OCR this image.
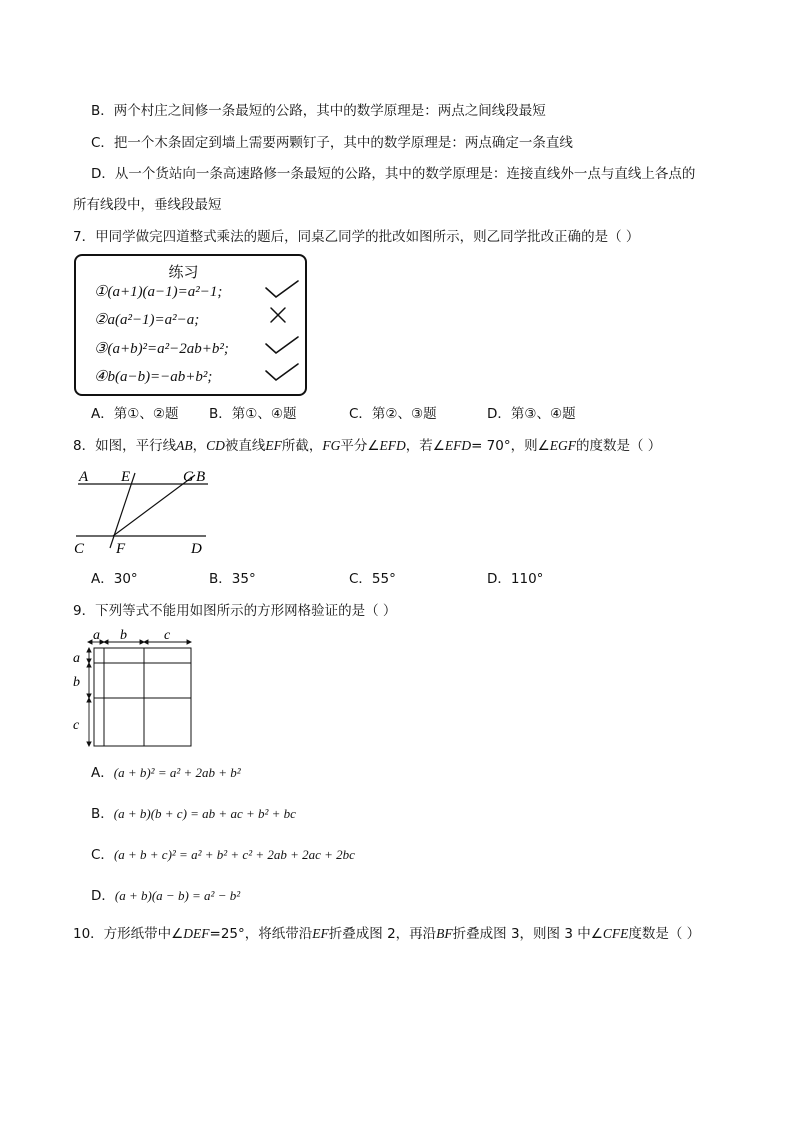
B．两个村庄之间修一条最短的公路，其中的数学原理是：两点之间线段最短
C．把一个木条固定到墙上需要两颗钉子，其中的数学原理是：两点确定一条直线
D．从一个货站向一条高速路修一条最短的公路，其中的数学原理是：连接直线外一点与直线上各点的
所有线段中，垂线段最短
7．甲同学做完四道整式乘法的题后，同桌乙同学的批改如图所示，则乙同学批改正确的是（ ）
练习
①(a+1)(a−1)=a²−1;
②a(a²−1)=a²−a;
③(a+b)²=a²−2ab+b²;
④b(a−b)=−ab+b²;
A．第①、②题 B．第①、④题	C．第②、③题	D．第③、④题
8．如图，平行线AB，CD被直线EF所截，FG平分∠EFD，若∠EFD= 70°，则∠EGF的度数是（ ）
A E	G B
C F	D
A．30°	B．35°	C．55°	D．110°
9．下列等式不能用如图所示的方形网格验证的是（ ）
a b	c
a
b
c
A．(a + b)² = a² + 2ab + b²
B．(a + b)(b + c) = ab + ac + b² + bc
C．(a + b + c)² = a² + b² + c² + 2ab + 2ac + 2bc
D．(a + b)(a − b) = a² − b²
10．方形纸带中∠DEF=25°，将纸带沿EF折叠成图 2，再沿BF折叠成图 3，则图 3 中∠CFE度数是（ ）
